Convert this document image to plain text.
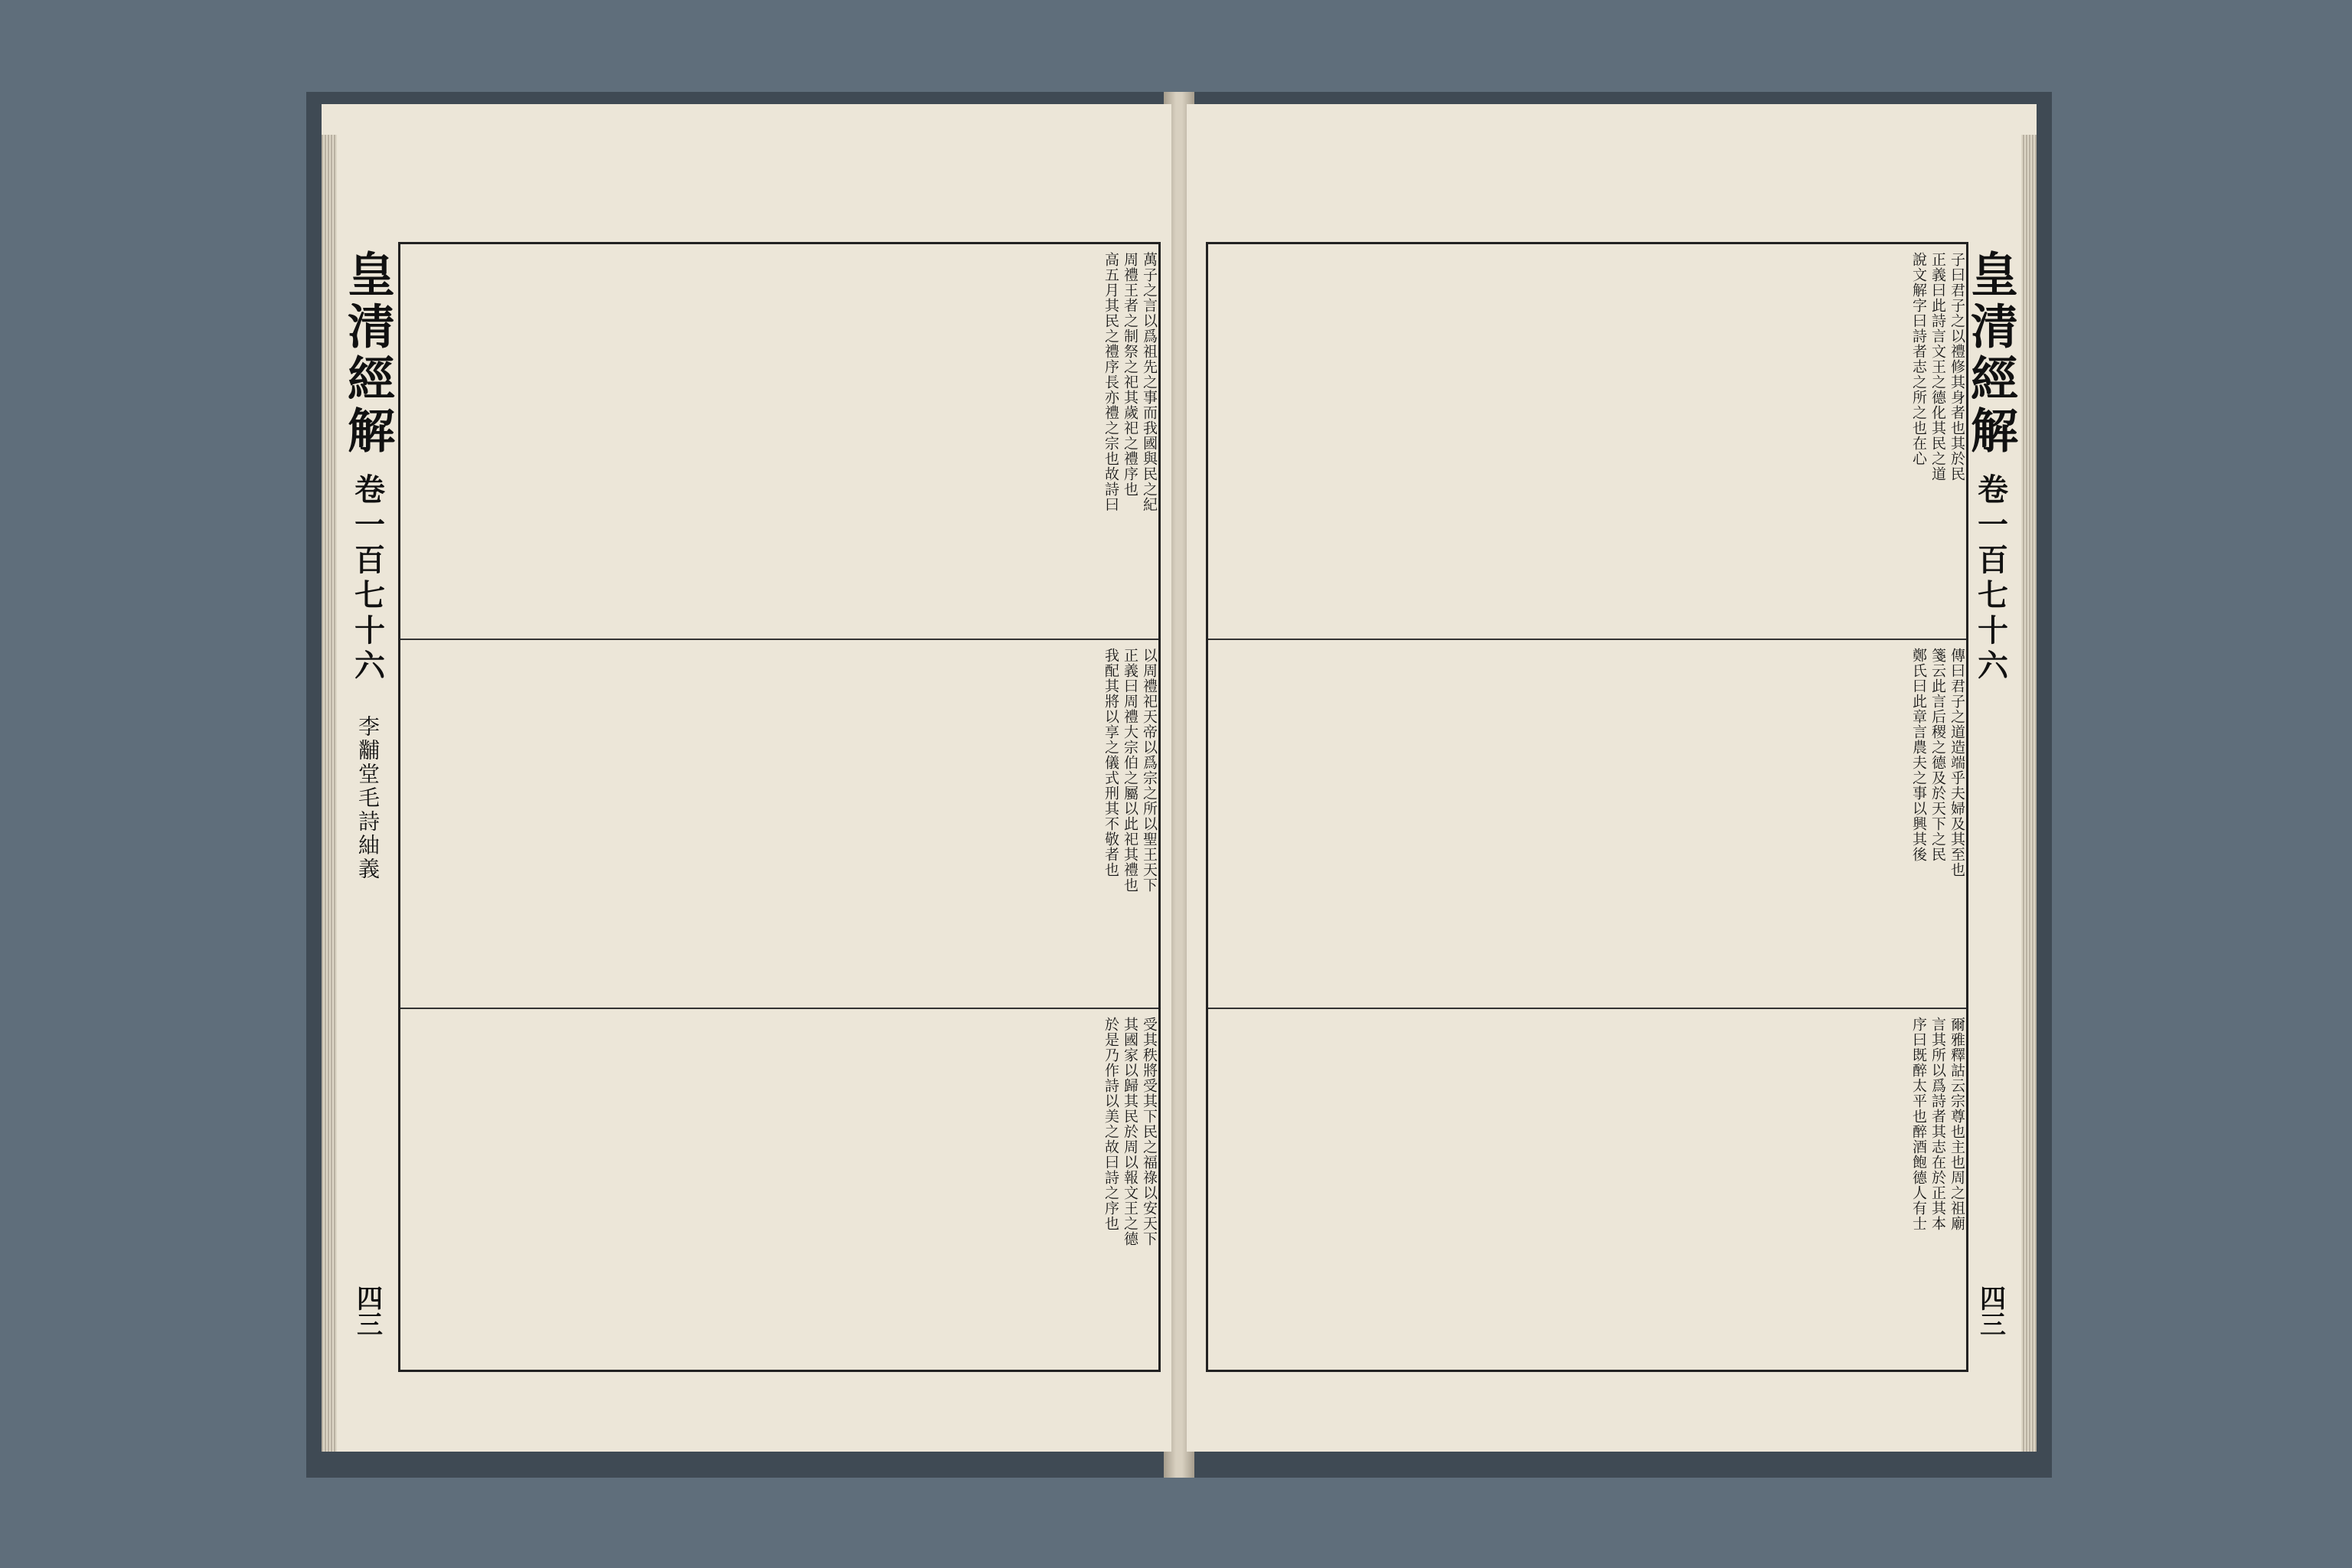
皇清經解
卷一百七十六
李黼堂毛詩紬義
四三
萬子之言以爲祖先之事而我國與民之紀
周禮王者之制祭之祀其歲祀之禮序也
高五月其民之禮序長亦禮之宗也故詩曰
以周禮祀天帝以爲宗之所以聖王天下
正義曰周禮大宗伯之屬以此祀其禮也
我配其將以享之儀式刑其不敬者也
受其秩將受其下民之福祿以安天下
其國家以歸其民於周以報文王之德
於是乃作詩以美之故曰詩之序也
皇清經解
卷一百七十六
四三
子曰君子之以禮修其身者也其於民
正義曰此詩言文王之德化其民之道
說文解字曰詩者志之所之也在心
傳曰君子之道造端乎夫婦及其至也
箋云此言后稷之德及於天下之民
鄭氏曰此章言農夫之事以興其後
爾雅釋詁云宗尊也主也周之祖廟
言其所以爲詩者其志在於正其本
序曰既醉太平也醉酒飽德人有士
